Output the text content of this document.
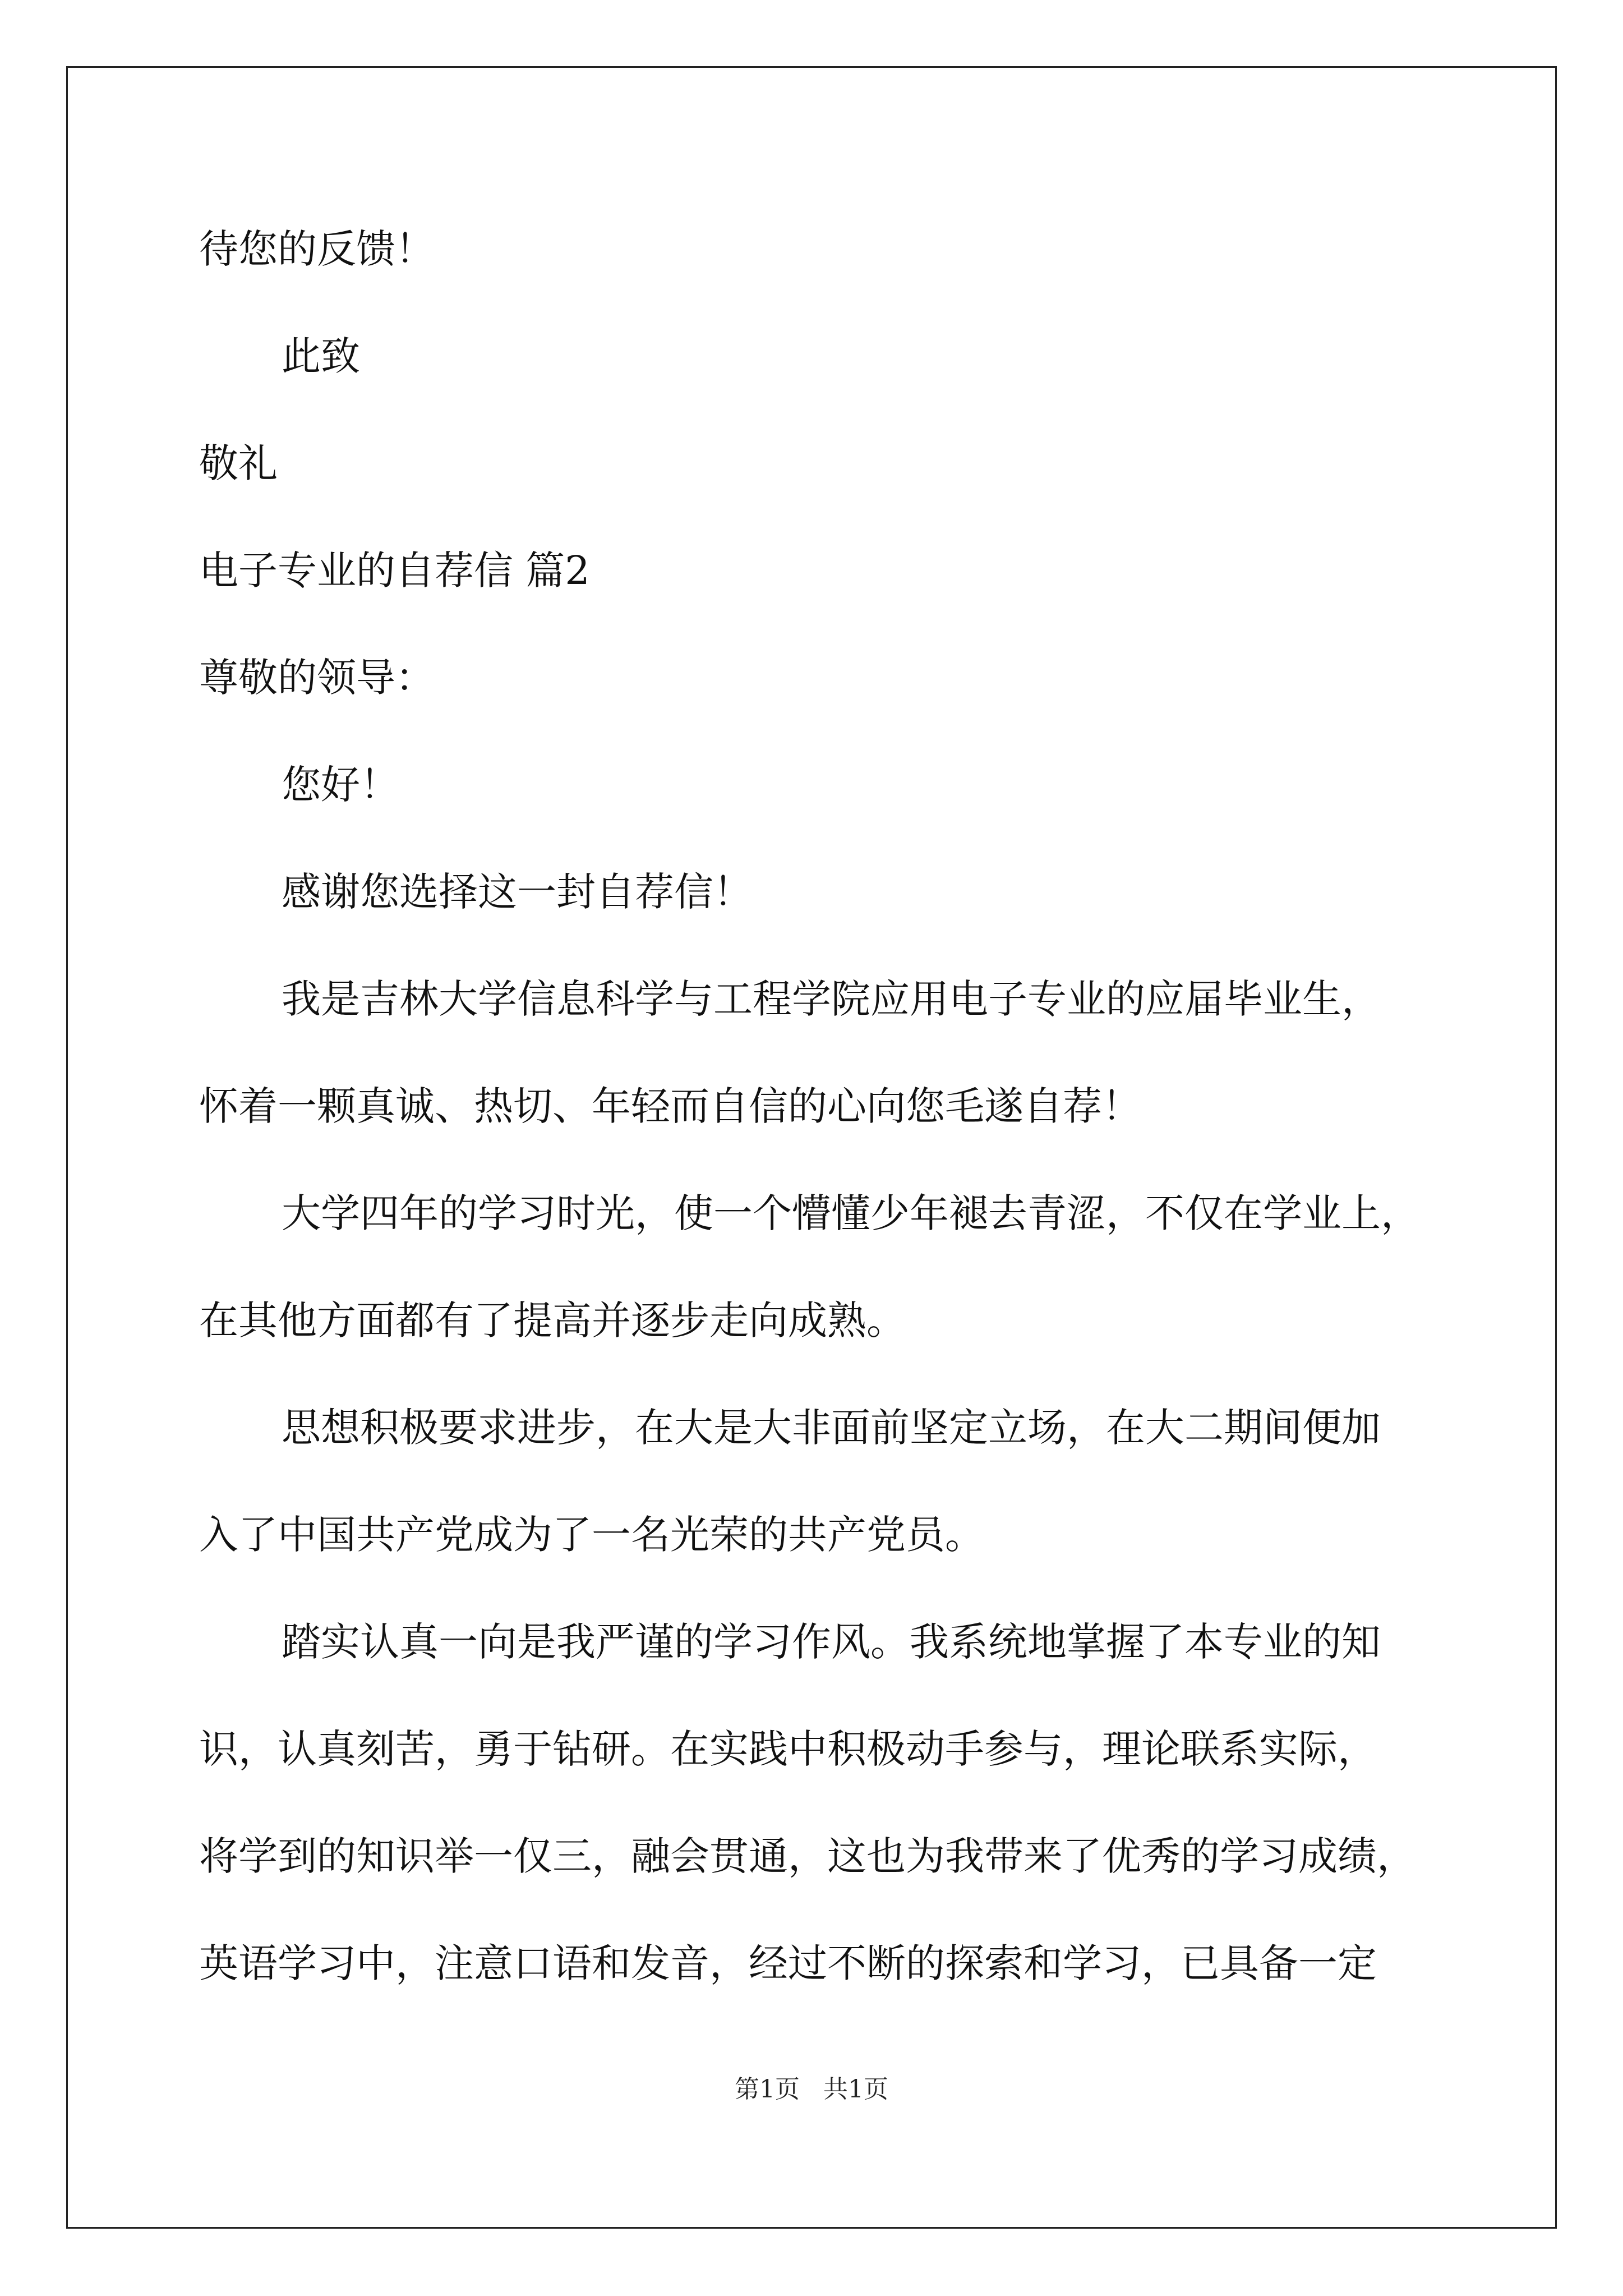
待您的反馈！
此致
敬礼
电子专业的自荐信 篇2
尊敬的领导：
您好！
感谢您选择这一封自荐信！
我是吉林大学信息科学与工程学院应用电子专业的应届毕业生，
怀着一颗真诚、热切、年轻而自信的心向您毛遂自荐！
大学四年的学习时光，使一个懵懂少年褪去青涩，不仅在学业上，
在其他方面都有了提高并逐步走向成熟。
思想积极要求进步，在大是大非面前坚定立场，在大二期间便加
入了中国共产党成为了一名光荣的共产党员。
踏实认真一向是我严谨的学习作风。我系统地掌握了本专业的知
识，认真刻苦，勇于钻研。在实践中积极动手参与，理论联系实际，
将学到的知识举一仅三，融会贯通，这也为我带来了优秀的学习成绩，
英语学习中，注意口语和发音，经过不断的探索和学习，已具备一定
第1页 共1页
